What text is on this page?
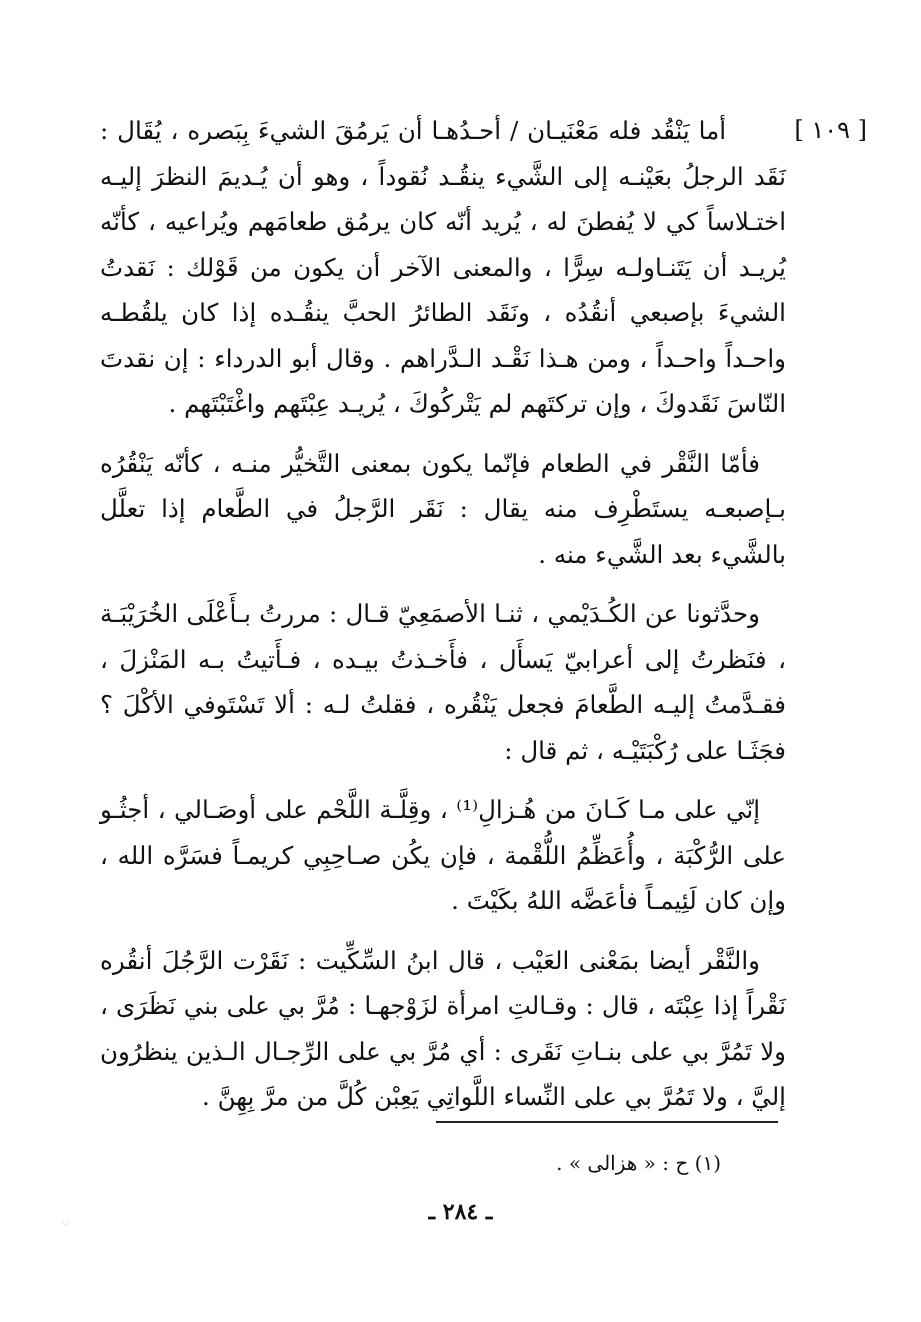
[ ١٠٩ ]

أما يَنْقُد فله مَعْنَيـان / أحـدُهـا أن يَرمُقَ الشيءَ بِبَصره ، يُقَال : نَقَد الرجلُ بعَيْنـه إلى الشَّيء ينقُـد نُقوداً ، وهو أن يُـديمَ النظرَ إليـه اختـلاساً كي لا يُفطنَ له ، يُريد أنّه كان يرمُق طعامَهم ويُراعيه ، كأنّه يُريـد أن يَتَنـاولـه سِرًّا ، والمعنى الآخر أن يكون من قَوْلك : نَقدتُ الشيءَ بإصبعي أنقُدُه ، ونَقَد الطائرُ الحبَّ ينقُـده إذا كان يلقُطـه واحـداً واحـداً ، ومن هـذا نَقْـد الـدَّراهم . وقال أبو الدرداء : إن نقدتَ النّاسَ نَقَدوكَ ، وإن تركتَهم لم يَتْركُوكَ ، يُريـد عِبْتَهم واغْتَبْتَهم .

فأمّا النَّقْر في الطعام فإنّما يكون بمعنى التَّخيُّر منـه ، كأنّه يَنْقُرُه بـإصبعـه يستَطْرِف منه يقال : نَقَر الرَّجلُ في الطَّعام إذا تعلَّل بالشَّيء بعد الشَّيء منه .

وحدَّثونا عن الكُـدَيْمي ، ثنـا الأصمَعِيّ قـال : مررتُ بـأَعْلَى الخُرَيْبَـة ، فنَظرتُ إلى أعرابيّ يَسأَل ، فأَخـذتُ بيـده ، فـأَتيتُ بـه المَنْزلَ ، فقـدَّمتُ إليـه الطَّعامَ فجعل يَنْقُره ، فقلتُ لـه : ألا تَسْتَوفي الأكْلَ ؟ فجَثَـا على رُكْبَتَيْـه ، ثم قال :

إنّي على مـا كَـانَ من هُـزالِ⁽¹⁾ ، وقِلَّـة اللَّحْم على أوصَـالي ، أجثُـو على الرُّكْبَة ، وأُعَظِّمُ اللُّقْمة ، فإن يكُن صـاحِبِي كريمـاً فسَرَّه الله ، وإن كان لَئِيمـاً فأعَضَّه اللهُ بكَيْتَ .

والنَّقْر أيضا بمَعْنى العَيْب ، قال ابنُ السِّكِّيت : نَقَرْت الرَّجُلَ أنقُره نَقْراً إذا عِبْتَه ، قال : وقـالتِ امرأة لزَوْجهـا : مُرَّ بي على بني نَظَرَى ، ولا تَمُرَّ بي على بنـاتِ نَقَرى : أي مُرَّ بي على الرِّجـال الـذين ينظرُون إليَّ ، ولا تَمُرَّ بي على النِّساء اللَّواتِي يَعِبْن كُلَّ من مرَّ بِهِنَّ .

(١) ح : « هزالى » .
ـ ٢٨٤ ـ
·.·
